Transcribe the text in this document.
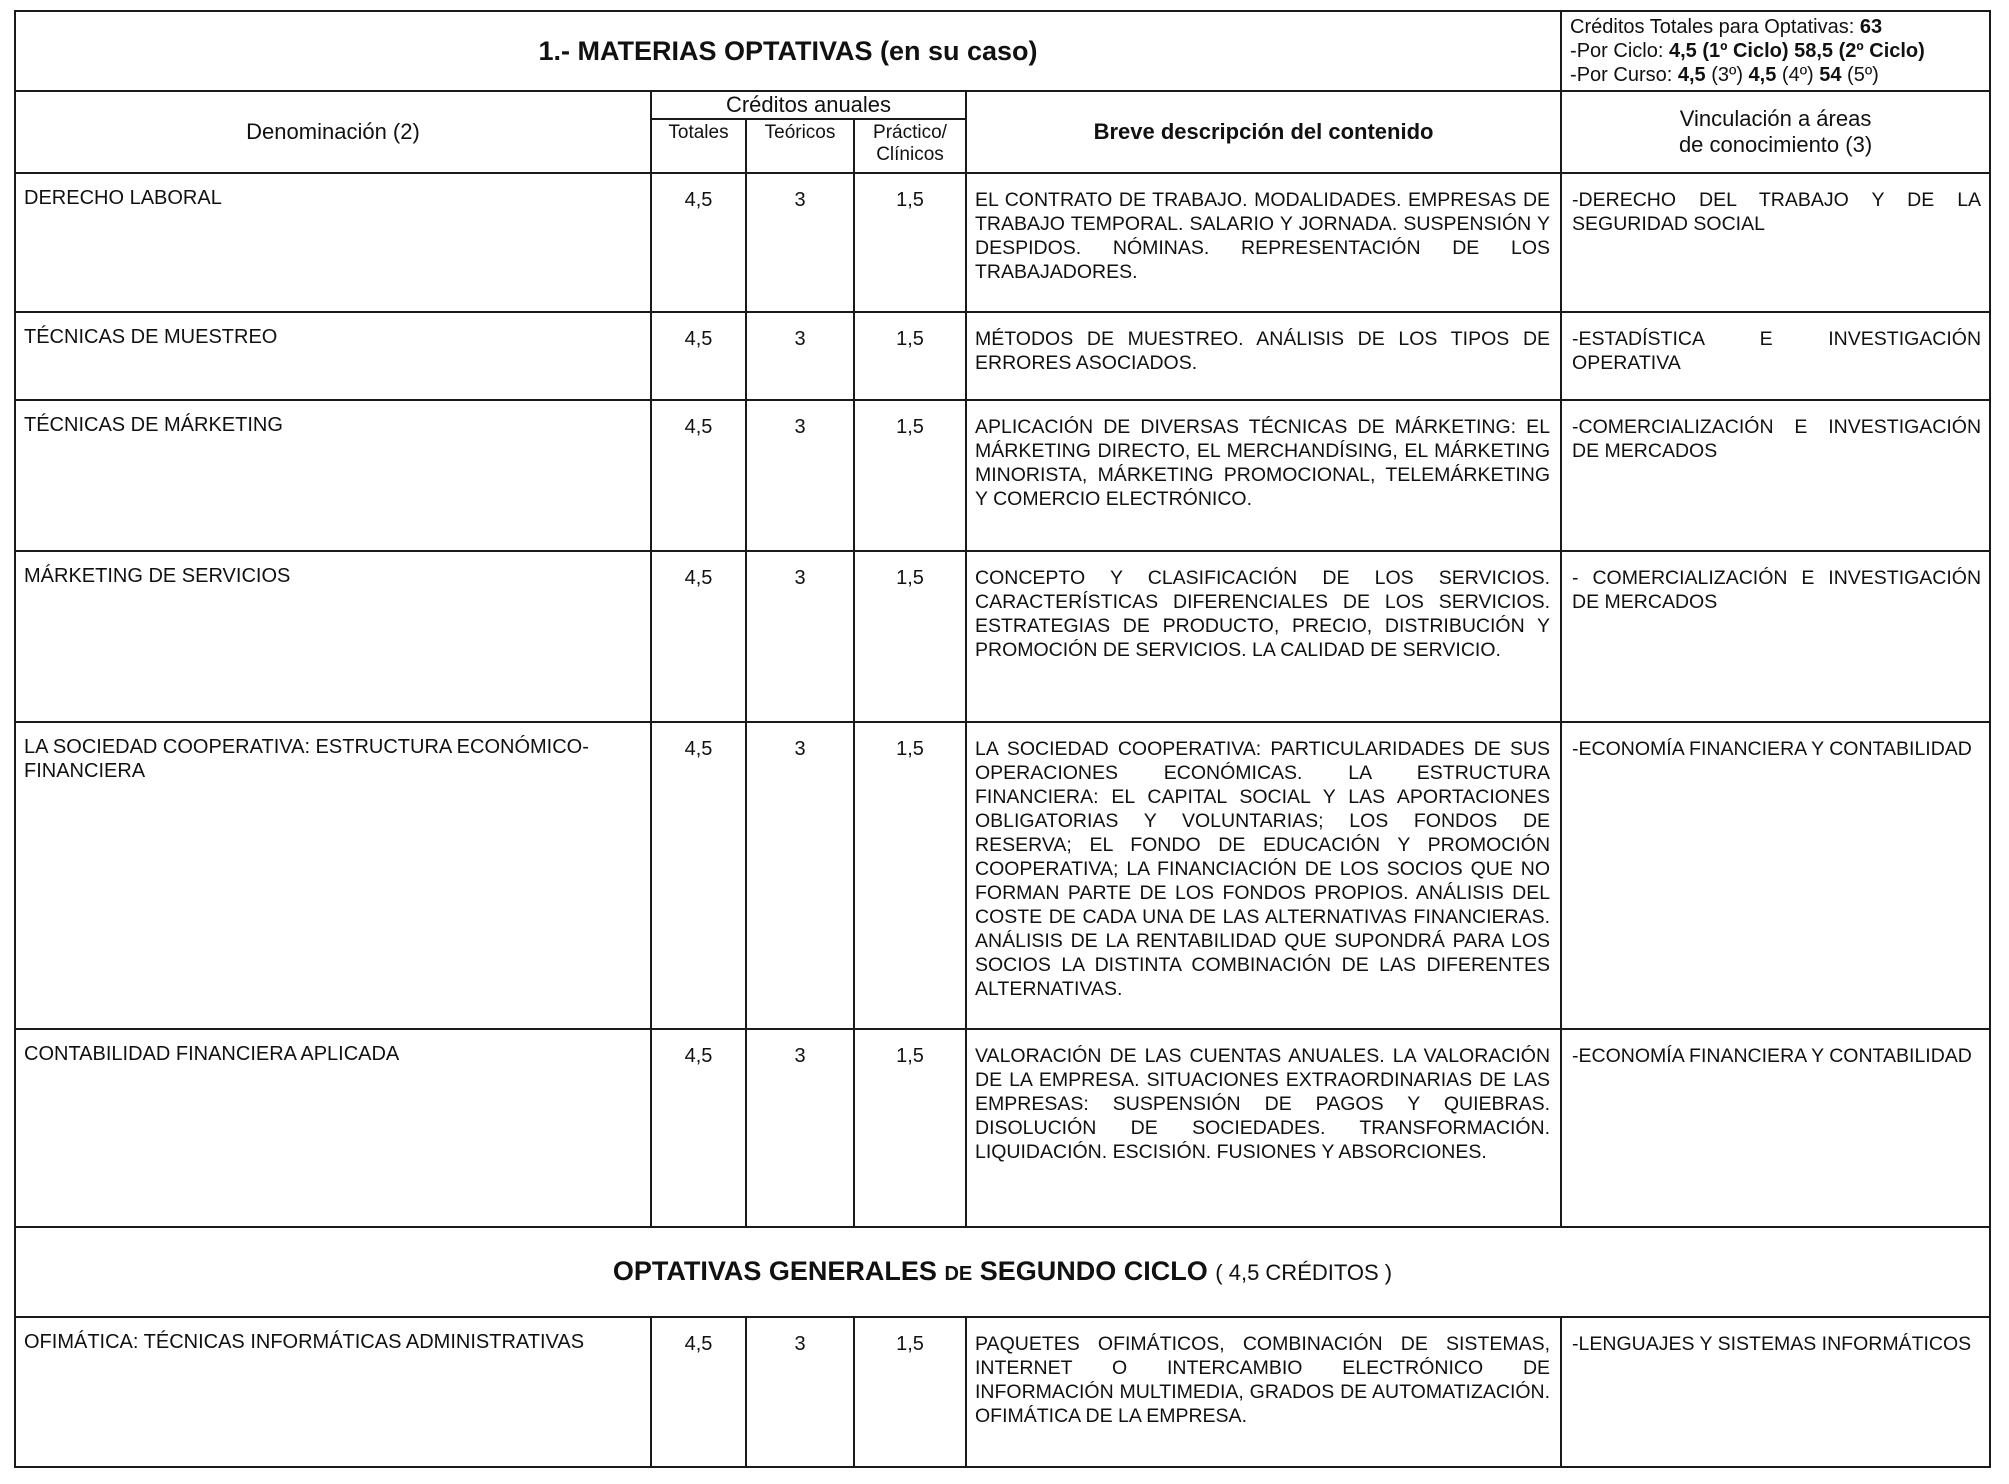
1.- MATERIAS OPTATIVAS (en su caso)					Créditos Totales para Optativas: 63
-Por Ciclo: 4,5 (1º Ciclo) 58,5 (2º Ciclo)
-Por Curso: 4,5 (3º) 4,5 (4º) 54 (5º)

Denominación (2)	Créditos anuales			Breve descripción del contenido	Vinculación a áreas
de conocimiento (3)

	Totales	Teóricos	Práctico/
Clínicos		

DERECHO LABORAL	4,5	3	1,5	EL CONTRATO DE TRABAJO. MODALIDADES. EMPRESAS DE TRABAJO TEMPORAL. SALARIO Y JORNADA. SUSPENSIÓN Y DESPIDOS. NÓMINAS. REPRESENTACIÓN DE LOS TRABAJADORES.	-DERECHO DEL TRABAJO Y DE LA SEGURIDAD SOCIAL
TÉCNICAS DE MUESTREO	4,5	3	1,5	MÉTODOS DE MUESTREO. ANÁLISIS DE LOS TIPOS DE ERRORES ASOCIADOS.	-ESTADÍSTICA E INVESTIGACIÓN OPERATIVA
TÉCNICAS DE MÁRKETING	4,5	3	1,5	APLICACIÓN DE DIVERSAS TÉCNICAS DE MÁRKETING: EL MÁRKETING DIRECTO, EL MERCHANDÍSING, EL MÁRKETING MINORISTA, MÁRKETING PROMOCIONAL, TELEMÁRKETING Y COMERCIO ELECTRÓNICO.	-COMERCIALIZACIÓN E INVESTIGACIÓN DE MERCADOS
MÁRKETING DE SERVICIOS	4,5	3	1,5	CONCEPTO Y CLASIFICACIÓN DE LOS SERVICIOS. CARACTERÍSTICAS DIFERENCIALES DE LOS SERVICIOS. ESTRATEGIAS DE PRODUCTO, PRECIO, DISTRIBUCIÓN Y PROMOCIÓN DE SERVICIOS. LA CALIDAD DE SERVICIO.	- COMERCIALIZACIÓN E INVESTIGACIÓN DE MERCADOS
LA SOCIEDAD COOPERATIVA: ESTRUCTURA ECONÓMICO-FINANCIERA	4,5	3	1,5	LA SOCIEDAD COOPERATIVA: PARTICULARIDADES DE SUS OPERACIONES ECONÓMICAS. LA ESTRUCTURA FINANCIERA: EL CAPITAL SOCIAL Y LAS APORTACIONES OBLIGATORIAS Y VOLUNTARIAS; LOS FONDOS DE RESERVA; EL FONDO DE EDUCACIÓN Y PROMOCIÓN COOPERATIVA; LA FINANCIACIÓN DE LOS SOCIOS QUE NO FORMAN PARTE DE LOS FONDOS PROPIOS. ANÁLISIS DEL COSTE DE CADA UNA DE LAS ALTERNATIVAS FINANCIERAS. ANÁLISIS DE LA RENTABILIDAD QUE SUPONDRÁ PARA LOS SOCIOS LA DISTINTA COMBINACIÓN DE LAS DIFERENTES ALTERNATIVAS.	-ECONOMÍA FINANCIERA Y CONTABILIDAD
CONTABILIDAD FINANCIERA APLICADA	4,5	3	1,5	VALORACIÓN DE LAS CUENTAS ANUALES. LA VALORACIÓN DE LA EMPRESA. SITUACIONES EXTRAORDINARIAS DE LAS EMPRESAS: SUSPENSIÓN DE PAGOS Y QUIEBRAS. DISOLUCIÓN DE SOCIEDADES. TRANSFORMACIÓN. LIQUIDACIÓN. ESCISIÓN. FUSIONES Y ABSORCIONES.	-ECONOMÍA FINANCIERA Y CONTABILIDAD
OPTATIVAS GENERALES DE SEGUNDO CICLO ( 4,5 CRÉDITOS )					
OFIMÁTICA: TÉCNICAS INFORMÁTICAS ADMINISTRATIVAS	4,5	3	1,5	PAQUETES OFIMÁTICOS, COMBINACIÓN DE SISTEMAS, INTERNET O INTERCAMBIO ELECTRÓNICO DE INFORMACIÓN MULTIMEDIA, GRADOS DE AUTOMATIZACIÓN. OFIMÁTICA DE LA EMPRESA.	-LENGUAJES Y SISTEMAS INFORMÁTICOS
